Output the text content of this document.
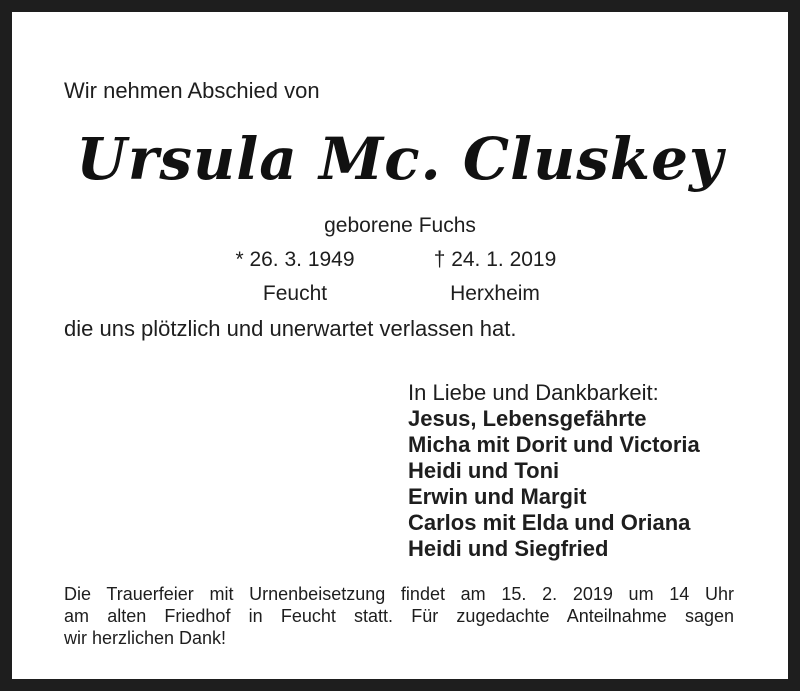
Wir nehmen Abschied von
Ursula Mc. Cluskey
geborene Fuchs
* 26. 3. 1949	† 24. 1. 2019
Feucht	Herxheim
die uns plötzlich und unerwartet verlassen hat.
In Liebe und Dankbarkeit:
Jesus, Lebensgefährte
Micha mit Dorit und Victoria
Heidi und Toni
Erwin und Margit
Carlos mit Elda und Oriana
Heidi und Siegfried
Die Trauerfeier mit Urnenbeisetzung findet am 15. 2. 2019 um 14 Uhr
am alten Friedhof in Feucht statt. Für zugedachte Anteilnahme sagen
wir herzlichen Dank!
